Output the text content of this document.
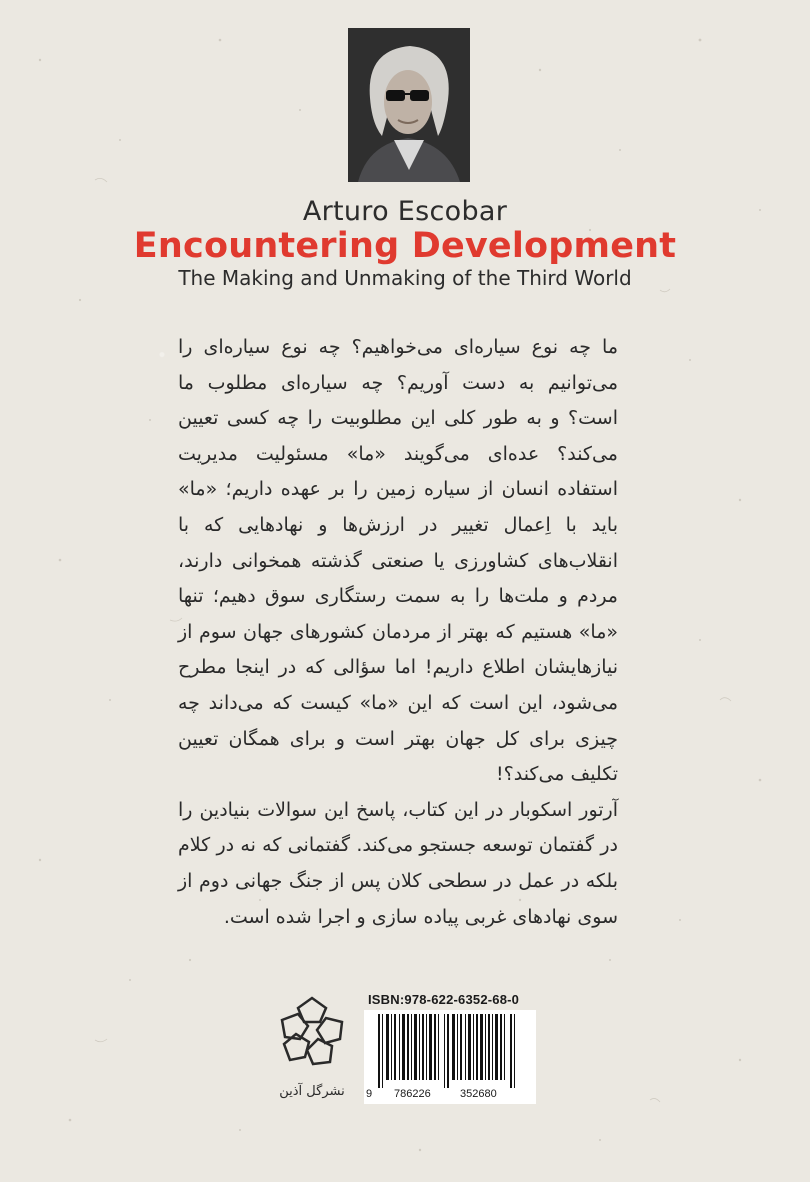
Arturo Escobar
Encountering Development
The Making and Unmaking of the Third World

ما چه نوع سیاره‌ای می‌خواهیم؟ چه نوع سیاره‌ای را می‌توانیم به دست آوریم؟ چه سیاره‌ای مطلوب ما است؟ و به طور کلی این مطلوبیت را چه کسی تعیین می‌کند؟ عده‌ای می‌گویند «ما» مسئولیت مدیریت استفاده انسان از سیاره زمین را بر عهده داریم؛ «ما» باید با اِعمال تغییر در ارزش‌ها و نهادهایی که با انقلاب‌های کشاورزی یا صنعتی گذشته همخوانی دارند، مردم و ملت‌ها را به سمت رستگاری سوق دهیم؛ تنها «ما» هستیم که بهتر از مردمان کشورهای جهان سوم از نیازهایشان اطلاع داریم! اما سؤالی که در اینجا مطرح می‌شود، این است که این «ما» کیست که می‌داند چه چیزی برای کل جهان بهتر است و برای همگان تعیین تکلیف می‌کند؟!

آرتور اسکوبار در این کتاب، پاسخ این سوالات بنیادین را در گفتمان توسعه جستجو می‌کند. گفتمانی که نه در کلام بلکه در عمل در سطحی کلان پس از جنگ جهانی دوم از سوی نهادهای غربی پیاده سازی و اجرا شده است.

نشرگل آذین
ISBN:978-622-6352-68-0
9 786226	352680
